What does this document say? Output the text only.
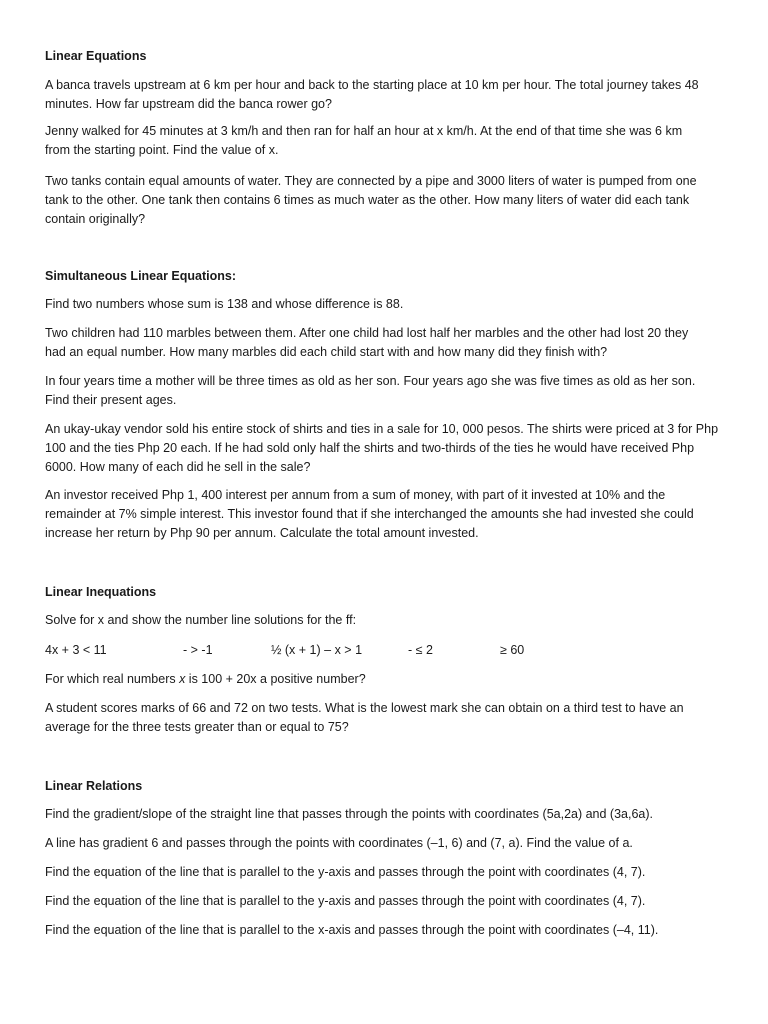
Linear Equations
A banca travels upstream at 6 km per hour and back to the starting place at 10 km per hour. The total journey takes 48
minutes. How far upstream did the banca rower go?
Jenny walked for 45 minutes at 3 km/h and then ran for half an hour at x km/h. At the end of that time she was 6 km
from the starting point. Find the value of x.
Two tanks contain equal amounts of water. They are connected by a pipe and 3000 liters of water is pumped from one
tank to the other. One tank then contains 6 times as much water as the other. How many liters of water did each tank
contain originally?
Simultaneous Linear Equations:
Find two numbers whose sum is 138 and whose difference is 88.
Two children had 110 marbles between them. After one child had lost half her marbles and the other had lost 20 they
had an equal number. How many marbles did each child start with and how many did they finish with?
In four years time a mother will be three times as old as her son. Four years ago she was five times as old as her son.
Find their present ages.
An ukay-ukay vendor sold his entire stock of shirts and ties in a sale for 10, 000 pesos. The shirts were priced at 3 for Php
100 and the ties Php 20 each. If he had sold only half the shirts and two-thirds of the ties he would have received Php
6000. How many of each did he sell in the sale?
An investor received Php 1, 400 interest per annum from a sum of money, with part of it invested at 10% and the
remainder at 7% simple interest. This investor found that if she interchanged the amounts she had invested she could
increase her return by Php 90 per annum. Calculate the total amount invested.
Linear Inequations
Solve for x and show the number line solutions for the ff:
4x + 3 < 11	- > -1	½ (x + 1) – x > 1	- ≤ 2	≥ 60
For which real numbers x is 100 + 20x a positive number?
A student scores marks of 66 and 72 on two tests. What is the lowest mark she can obtain on a third test to have an
average for the three tests greater than or equal to 75?
Linear Relations
Find the gradient/slope of the straight line that passes through the points with coordinates (5a,2a) and (3a,6a).
A line has gradient 6 and passes through the points with coordinates (–1, 6) and (7, a). Find the value of a.
Find the equation of the line that is parallel to the y-axis and passes through the point with coordinates (4, 7).
Find the equation of the line that is parallel to the y-axis and passes through the point with coordinates (4, 7).
Find the equation of the line that is parallel to the x-axis and passes through the point with coordinates (–4, 11).
